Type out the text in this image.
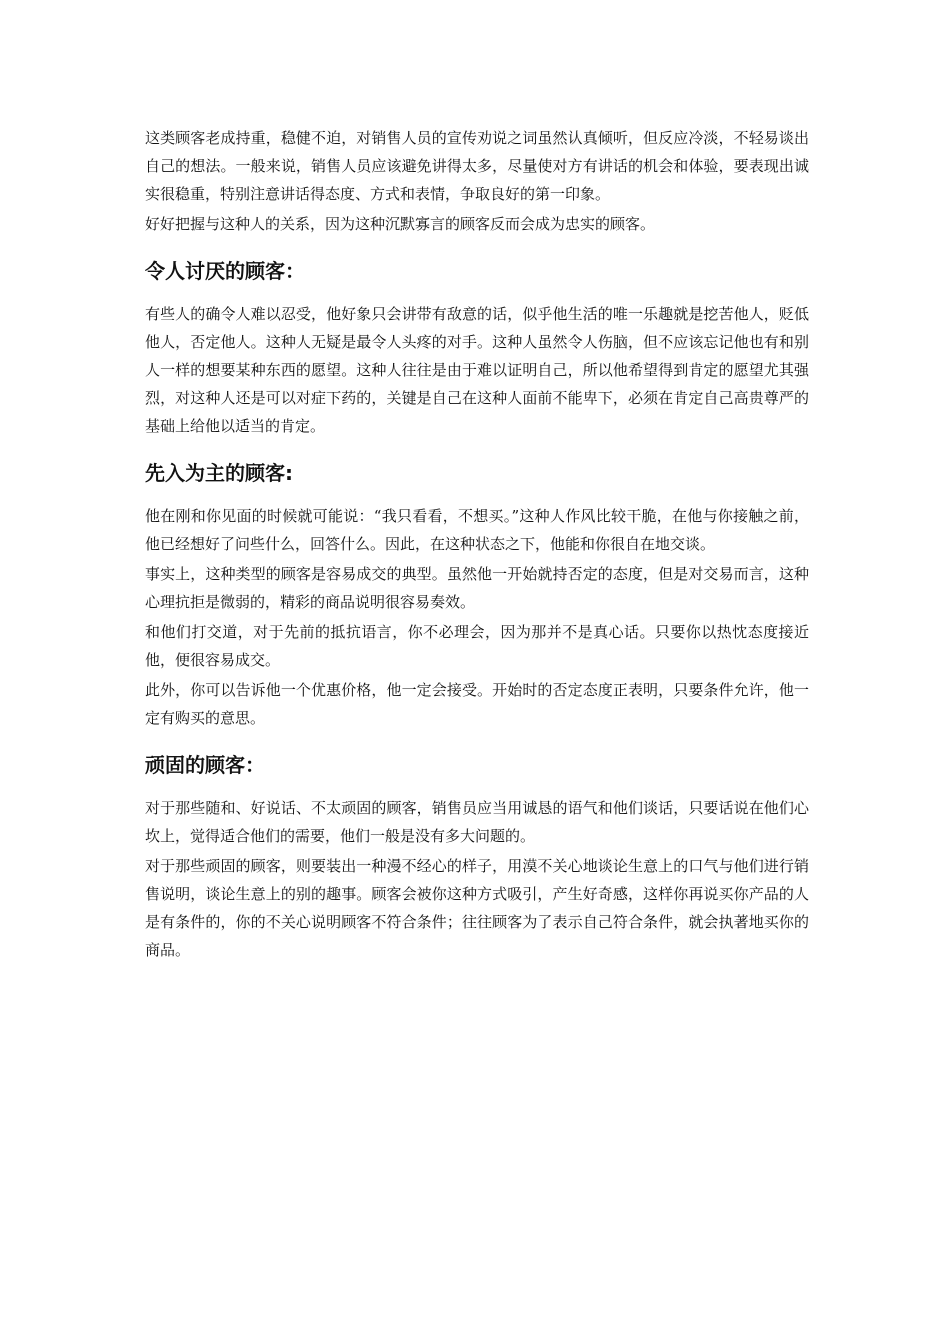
这类顾客老成持重，稳健不迫，对销售人员的宣传劝说之词虽然认真倾听，但反应冷淡，不轻易谈出自己的想法。一般来说，销售人员应该避免讲得太多，尽量使对方有讲话的机会和体验，要表现出诚实很稳重，特别注意讲话得态度、方式和表情，争取良好的第一印象。

好好把握与这种人的关系，因为这种沉默寡言的顾客反而会成为忠实的顾客。

令人讨厌的顾客：

有些人的确令人难以忍受，他好象只会讲带有敌意的话，似乎他生活的唯一乐趣就是挖苦他人，贬低他人，否定他人。这种人无疑是最令人头疼的对手。这种人虽然令人伤脑，但不应该忘记他也有和别人一样的想要某种东西的愿望。这种人往往是由于难以证明自己，所以他希望得到肯定的愿望尤其强烈，对这种人还是可以对症下药的，关键是自己在这种人面前不能卑下，必须在肯定自己高贵尊严的基础上给他以适当的肯定。

先入为主的顾客:

他在刚和你见面的时候就可能说：“我只看看，不想买。”这种人作风比较干脆，在他与你接触之前，他已经想好了问些什么，回答什么。因此，在这种状态之下，他能和你很自在地交谈。

事实上，这种类型的顾客是容易成交的典型。虽然他一开始就持否定的态度，但是对交易而言，这种心理抗拒是微弱的，精彩的商品说明很容易奏效。

和他们打交道，对于先前的抵抗语言，你不必理会，因为那并不是真心话。只要你以热忱态度接近他，便很容易成交。

此外，你可以告诉他一个优惠价格，他一定会接受。开始时的否定态度正表明，只要条件允许，他一定有购买的意思。

顽固的顾客：

对于那些随和、好说话、不太顽固的顾客，销售员应当用诚恳的语气和他们谈话，只要话说在他们心坎上，觉得适合他们的需要，他们一般是没有多大问题的。

对于那些顽固的顾客，则要装出一种漫不经心的样子，用漠不关心地谈论生意上的口气与他们进行销售说明，谈论生意上的别的趣事。顾客会被你这种方式吸引，产生好奇感，这样你再说买你产品的人是有条件的，你的不关心说明顾客不符合条件；往往顾客为了表示自己符合条件，就会执著地买你的商品。
